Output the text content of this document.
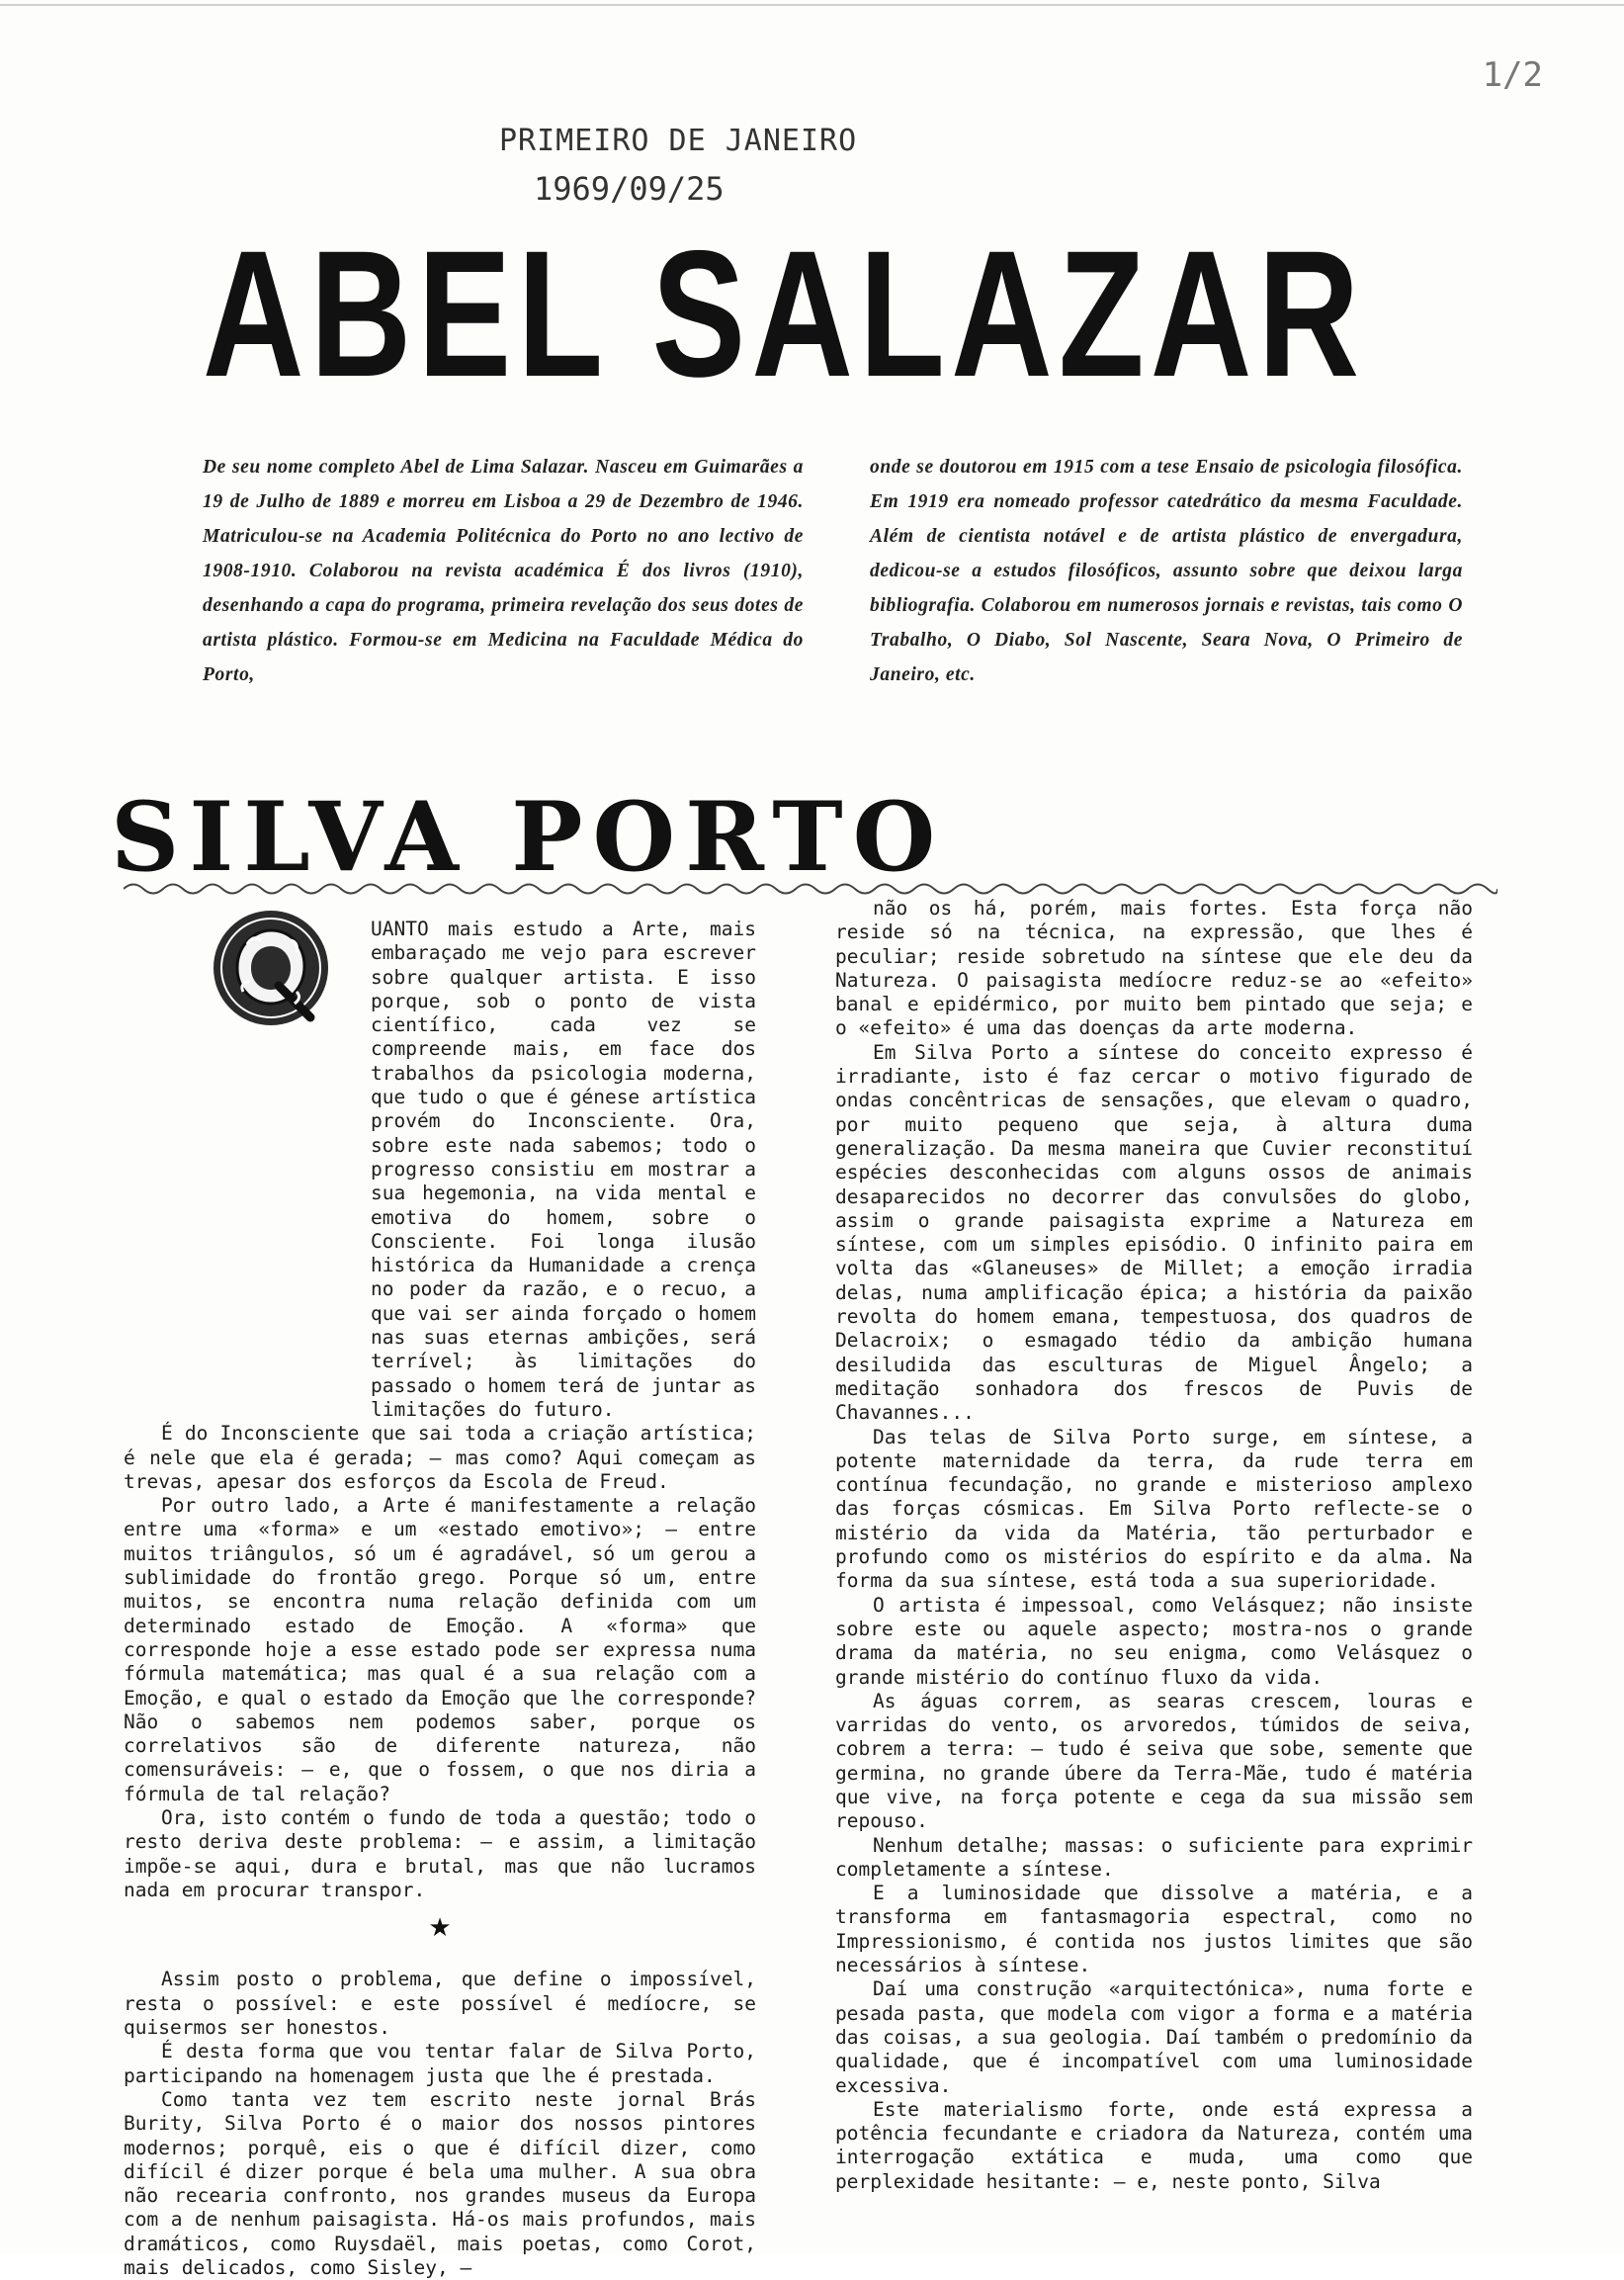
1/2
PRIMEIRO DE JANEIRO
1969/09/25
ABEL SALAZAR
De seu nome completo Abel de Lima Salazar. Nasceu em Guimarães a 19 de Julho de 1889 e morreu em Lisboa a 29 de Dezembro de 1946. Matriculou-se na Academia Politécnica do Porto no ano lectivo de 1908-1910. Colaborou na revista académica É dos livros (1910), desenhando a capa do programa, primeira revelação dos seus dotes de artista plástico. Formou-se em Medicina na Faculdade Médica do Porto,
onde se doutorou em 1915 com a tese Ensaio de psicologia filosófica. Em 1919 era nomeado professor catedrático da mesma Faculdade. Além de cientista notável e de artista plástico de envergadura, dedicou-se a estudos filosóficos, assunto sobre que deixou larga bibliografia. Colaborou em numerosos jornais e revistas, tais como O Trabalho, O Diabo, Sol Nascente, Seara Nova, O Primeiro de Janeiro, etc.
SILVA PORTO

UANTO mais estudo a Arte, mais embaraçado me vejo para escrever sobre qualquer artista. E isso porque, sob o ponto de vista científico, cada vez se compreende mais, em face dos trabalhos da psicologia moderna, que tudo o que é génese artística provém do Inconsciente. Ora, sobre este nada sabemos; todo o progresso consistiu em mostrar a sua hegemonia, na vida mental e emotiva do homem, sobre o Consciente. Foi longa ilusão histórica da Humanidade a crença no poder da razão, e o recuo, a que vai ser ainda forçado o homem nas suas eternas ambições, será terrível; às limitações do passado o homem terá de juntar as limitações do futuro.

É do Inconsciente que sai toda a criação artística; é nele que ela é gerada; — mas como? Aqui começam as trevas, apesar dos esforços da Escola de Freud.

Por outro lado, a Arte é manifestamente a relação entre uma «forma» e um «estado emotivo»; — entre muitos triângulos, só um é agradável, só um gerou a sublimidade do frontão grego. Porque só um, entre muitos, se encontra numa relação definida com um determinado estado de Emoção. A «forma» que corresponde hoje a esse estado pode ser expressa numa fórmula matemática; mas qual é a sua relação com a Emoção, e qual o estado da Emoção que lhe corresponde? Não o sabemos nem podemos saber, porque os correlativos são de diferente natureza, não comensuráveis: — e, que o fossem, o que nos diria a fórmula de tal relação?

Ora, isto contém o fundo de toda a questão; todo o resto deriva deste problema: — e assim, a limitação impõe-se aqui, dura e brutal, mas que não lucramos nada em procurar transpor.

★

Assim posto o problema, que define o impossível, resta o possível: e este possível é medíocre, se quisermos ser honestos.

É desta forma que vou tentar falar de Silva Porto, participando na homenagem justa que lhe é prestada.

Como tanta vez tem escrito neste jornal Brás Burity, Silva Porto é o maior dos nossos pintores modernos; porquê, eis o que é difícil dizer, como difícil é dizer porque é bela uma mulher. A sua obra não recearia confronto, nos grandes museus da Europa com a de nenhum paisagista. Há-os mais profundos, mais dramáticos, como Ruysdaël, mais poetas, como Corot, mais delicados, como Sisley, —

não os há, porém, mais fortes. Esta força não reside só na técnica, na expressão, que lhes é peculiar; reside sobretudo na síntese que ele deu da Natureza. O paisagista medíocre reduz-se ao «efeito» banal e epidérmico, por muito bem pintado que seja; e o «efeito» é uma das doenças da arte moderna.

Em Silva Porto a síntese do conceito expresso é irradiante, isto é faz cercar o motivo figurado de ondas concêntricas de sensações, que elevam o quadro, por muito pequeno que seja, à altura duma generalização. Da mesma maneira que Cuvier reconstituí espécies desconhecidas com alguns ossos de animais desaparecidos no decorrer das convulsões do globo, assim o grande paisagista exprime a Natureza em síntese, com um simples episódio. O infinito paira em volta das «Glaneuses» de Millet; a emoção irradia delas, numa amplificação épica; a história da paixão revolta do homem emana, tempestuosa, dos quadros de Delacroix; o esmagado tédio da ambição humana desiludida das esculturas de Miguel Ângelo; a meditação sonhadora dos frescos de Puvis de Chavannes...

Das telas de Silva Porto surge, em síntese, a potente maternidade da terra, da rude terra em contínua fecundação, no grande e misterioso amplexo das forças cósmicas. Em Silva Porto reflecte-se o mistério da vida da Matéria, tão perturbador e profundo como os mistérios do espírito e da alma. Na forma da sua síntese, está toda a sua superioridade.

O artista é impessoal, como Velásquez; não insiste sobre este ou aquele aspecto; mostra-nos o grande drama da matéria, no seu enigma, como Velásquez o grande mistério do contínuo fluxo da vida.

As águas correm, as searas crescem, louras e varridas do vento, os arvoredos, túmidos de seiva, cobrem a terra: — tudo é seiva que sobe, semente que germina, no grande úbere da Terra-Mãe, tudo é matéria que vive, na força potente e cega da sua missão sem repouso.

Nenhum detalhe; massas: o suficiente para exprimir completamente a síntese.

E a luminosidade que dissolve a matéria, e a transforma em fantasmagoria espectral, como no Impressionismo, é contida nos justos limites que são necessários à síntese.

Daí uma construção «arquitectónica», numa forte e pesada pasta, que modela com vigor a forma e a matéria das coisas, a sua geologia. Daí também o predomínio da qualidade, que é incompatível com uma luminosidade excessiva.

Este materialismo forte, onde está expressa a potência fecundante e criadora da Natureza, contém uma interrogação extática e muda, uma como que perplexidade hesitante: — e, neste ponto, Silva
